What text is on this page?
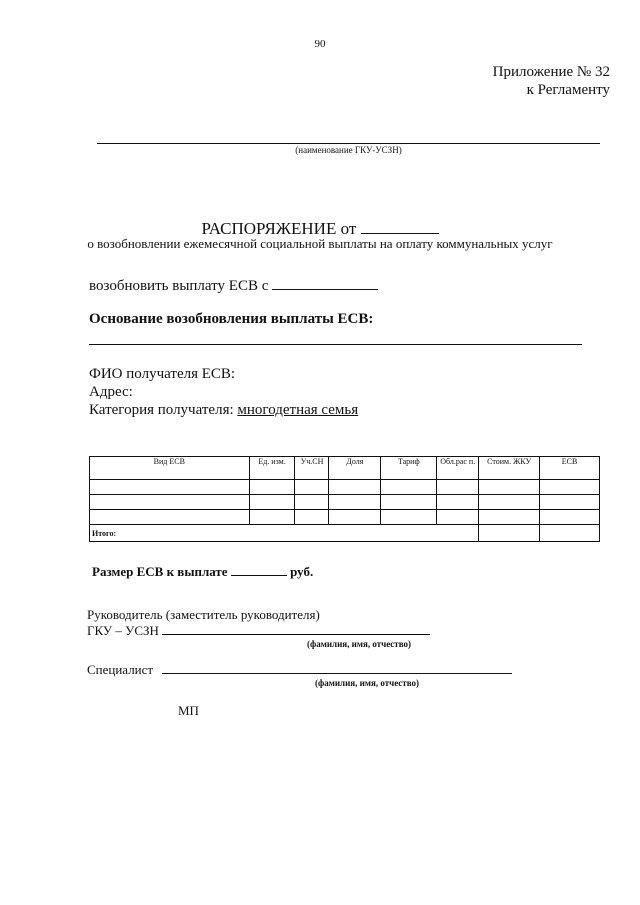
90
Приложение № 32
к Регламенту
(наименование ГКУ-УСЗН)
РАСПОРЯЖЕНИЕ от
о возобновлении ежемесячной социальной выплаты на оплату коммунальных услуг
возобновить выплату ЕСВ с
Основание возобновления выплаты ЕСВ:
ФИО получателя ЕСВ:
Адрес:
Категория получателя: многодетная семья
Вид ЕСВ	Ед. изм.	Уч.СН	Доля	Тариф	Обл.рас п.	Стоим. ЖКУ	ЕСВ

Итого:							
Размер ЕСВ к выплате	руб.
Руководитель (заместитель руководителя)
ГКУ – УСЗН
(фамилия, имя, отчество)
Специалист
(фамилия, имя, отчество)
МП
